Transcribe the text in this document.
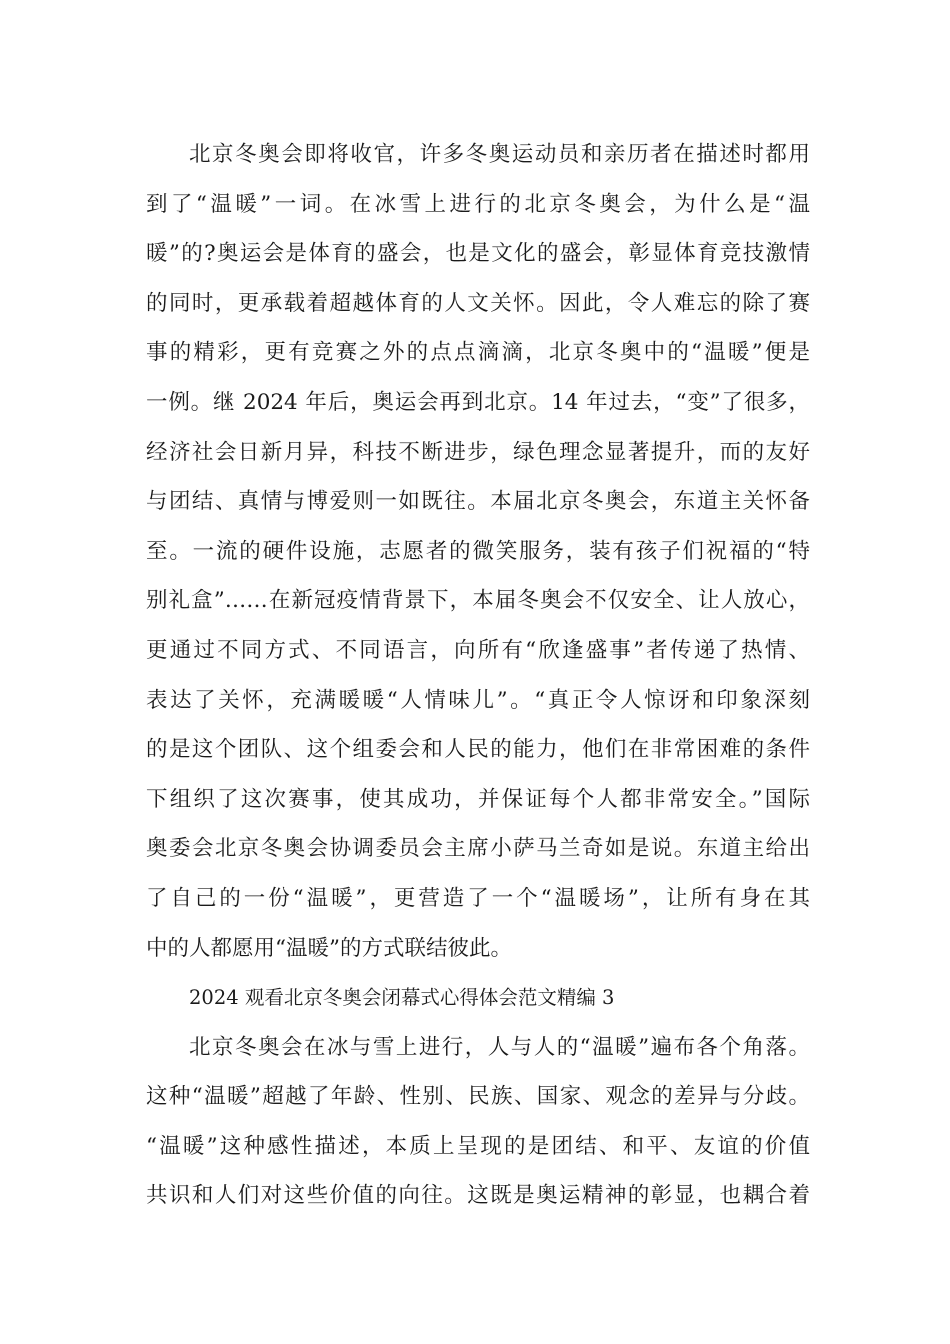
北京冬奥会即将收官，许多冬奥运动员和亲历者在描述时都用
到了“温暖”一词。在冰雪上进行的北京冬奥会，为什么是“温
暖”的?奥运会是体育的盛会，也是文化的盛会，彰显体育竞技激情
的同时，更承载着超越体育的人文关怀。因此，令人难忘的除了赛
事的精彩，更有竞赛之外的点点滴滴，北京冬奥中的“温暖”便是
一例。继 2024 年后，奥运会再到北京。14 年过去，“变”了很多，
经济社会日新月异，科技不断进步，绿色理念显著提升，而的友好
与团结、真情与博爱则一如既往。本届北京冬奥会，东道主关怀备
至。一流的硬件设施，志愿者的微笑服务，装有孩子们祝福的“特
别礼盒”……在新冠疫情背景下，本届冬奥会不仅安全、让人放心，
更通过不同方式、不同语言，向所有“欣逢盛事”者传递了热情、
表达了关怀，充满暖暖“人情味儿”。“真正令人惊讶和印象深刻
的是这个团队、这个组委会和人民的能力，他们在非常困难的条件
下组织了这次赛事，使其成功，并保证每个人都非常安全。”国际
奥委会北京冬奥会协调委员会主席小萨马兰奇如是说。东道主给出
了自己的一份“温暖”，更营造了一个“温暖场”，让所有身在其
中的人都愿用“温暖”的方式联结彼此。
2024 观看北京冬奥会闭幕式心得体会范文精编 3
北京冬奥会在冰与雪上进行，人与人的“温暖”遍布各个角落。
这种“温暖”超越了年龄、性别、民族、国家、观念的差异与分歧。
“温暖”这种感性描述，本质上呈现的是团结、和平、友谊的价值
共识和人们对这些价值的向往。这既是奥运精神的彰显，也耦合着
